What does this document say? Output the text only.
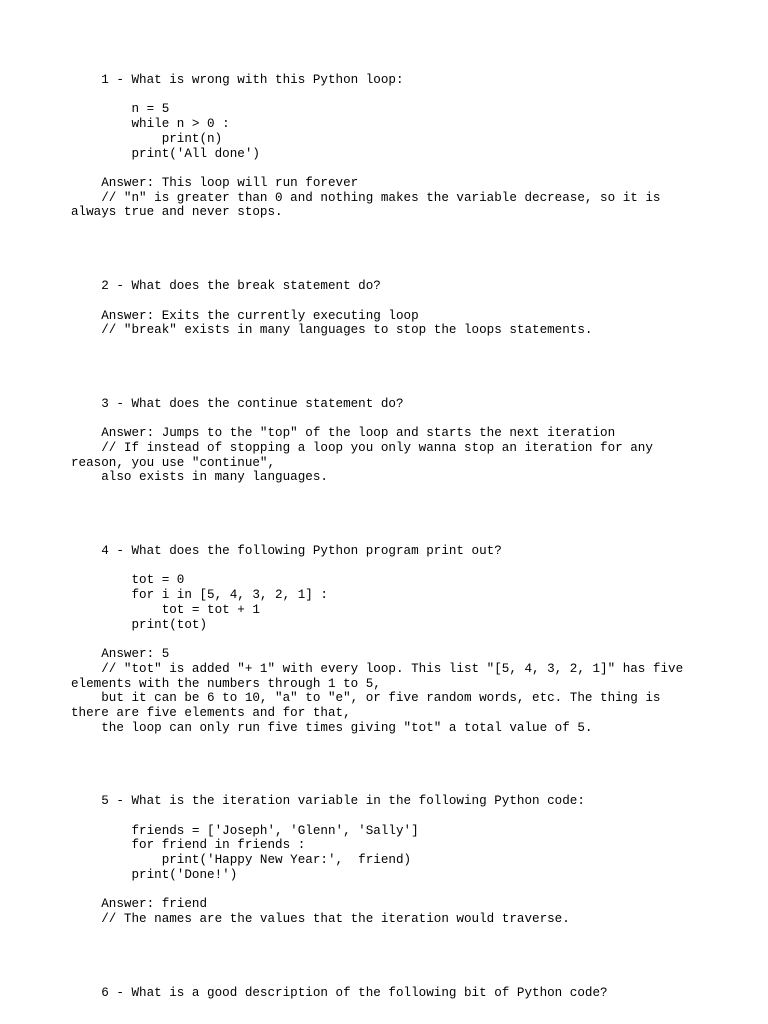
1 - What is wrong with this Python loop:
n = 5
while n > 0 :
print(n)
print('All done')
Answer: This loop will run forever
// "n" is greater than 0 and nothing makes the variable decrease, so it is
always true and never stops.
2 - What does the break statement do?
Answer: Exits the currently executing loop
// "break" exists in many languages to stop the loops statements.
3 - What does the continue statement do?
Answer: Jumps to the "top" of the loop and starts the next iteration
// If instead of stopping a loop you only wanna stop an iteration for any
reason, you use "continue",
also exists in many languages.
4 - What does the following Python program print out?
tot = 0
for i in [5, 4, 3, 2, 1] :
tot = tot + 1
print(tot)
Answer: 5
// "tot" is added "+ 1" with every loop. This list "[5, 4, 3, 2, 1]" has five
elements with the numbers through 1 to 5,
but it can be 6 to 10, "a" to "e", or five random words, etc. The thing is
there are five elements and for that,
the loop can only run five times giving "tot" a total value of 5.
5 - What is the iteration variable in the following Python code:
friends = ['Joseph', 'Glenn', 'Sally']
for friend in friends :
print('Happy New Year:',  friend)
print('Done!')
Answer: friend
// The names are the values that the iteration would traverse.
6 - What is a good description of the following bit of Python code?
